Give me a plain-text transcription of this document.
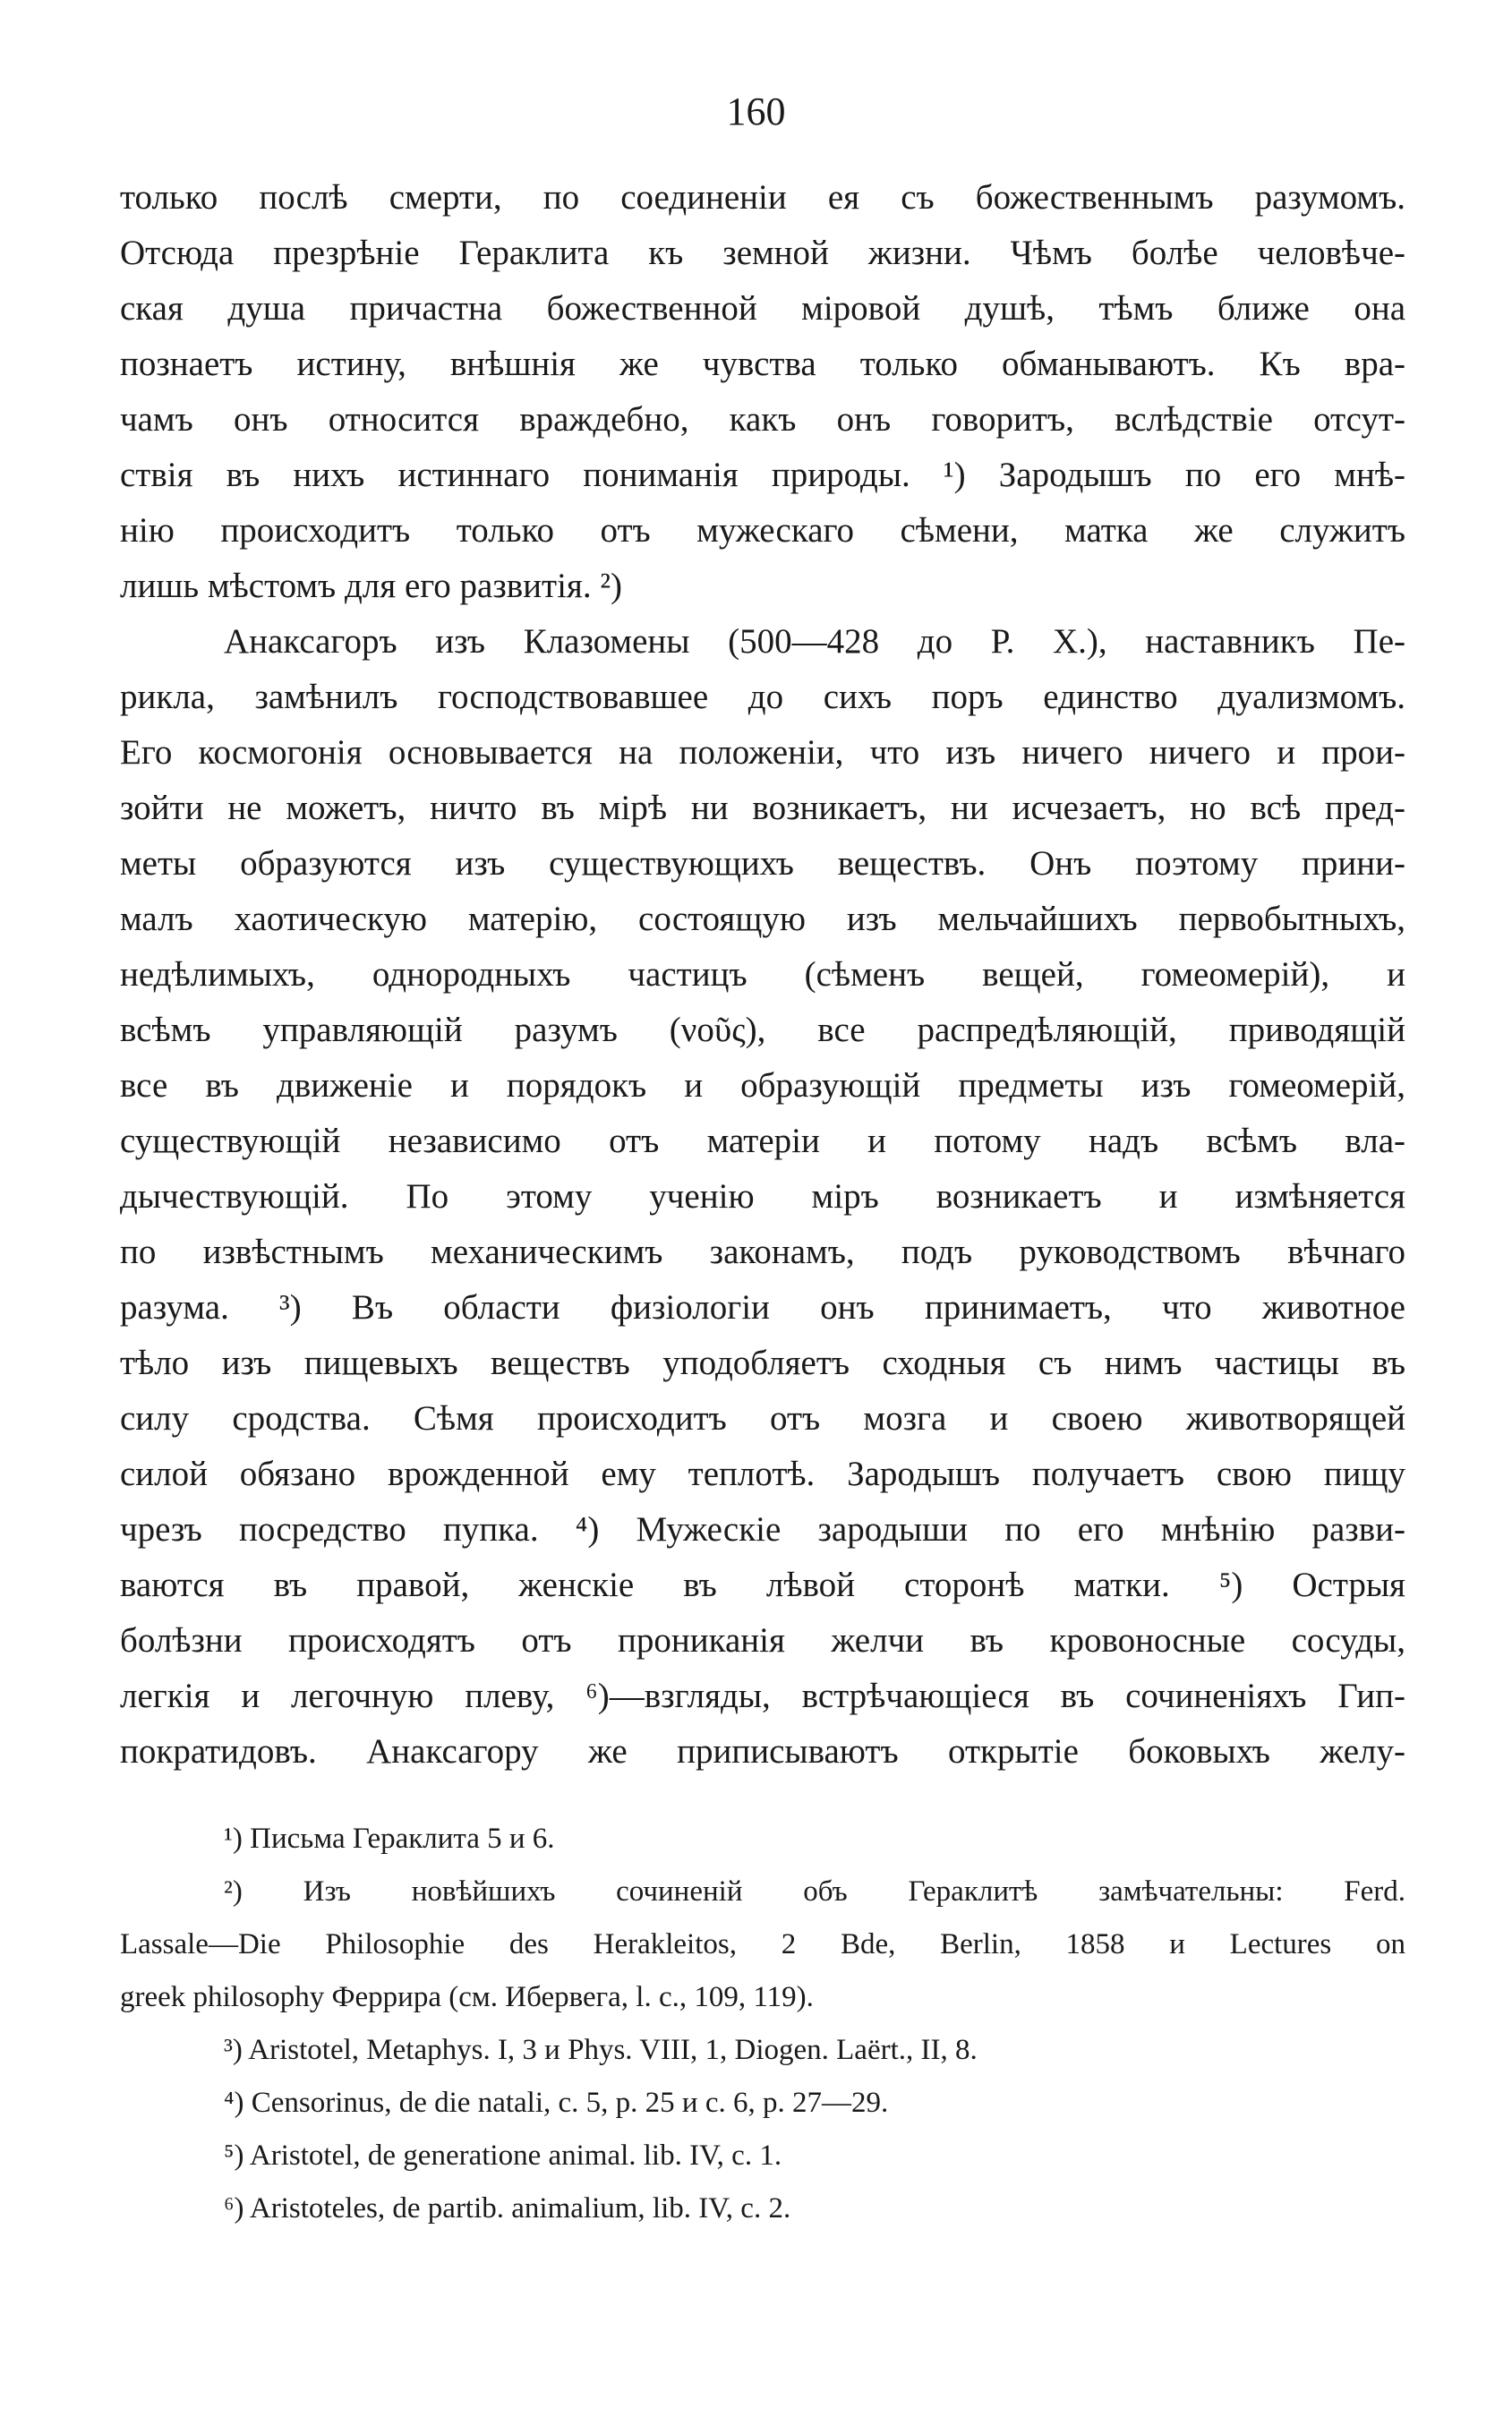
160
только послѣ смерти, по соединеніи ея съ божественнымъ разумомъ.
Отсюда презрѣніе Гераклита къ земной жизни. Чѣмъ болѣе человѣче-
ская душа причастна божественной міровой душѣ, тѣмъ ближе она
познаетъ истину, внѣшнія же чувства только обманываютъ. Къ вра-
чамъ онъ относится враждебно, какъ онъ говоритъ, вслѣдствіе отсут-
ствія въ нихъ истиннаго пониманія природы. ¹) Зародышъ по его мнѣ-
нію происходитъ только отъ мужескаго сѣмени, матка же служитъ
лишь мѣстомъ для его развитія. ²)
Анаксагоръ изъ Клазомены (500—428 до Р. Х.), наставникъ Пе-
рикла, замѣнилъ господствовавшее до сихъ поръ единство дуализмомъ.
Его космогонія основывается на положеніи, что изъ ничего ничего и прои-
зойти не можетъ, ничто въ мірѣ ни возникаетъ, ни исчезаетъ, но всѣ пред-
меты образуются изъ существующихъ веществъ. Онъ поэтому прини-
малъ хаотическую матерію, состоящую изъ мельчайшихъ первобытныхъ,
недѣлимыхъ, однородныхъ частицъ (сѣменъ вещей, гомеомерій), и
всѣмъ управляющій разумъ (νοῦς), все распредѣляющій, приводящій
все въ движеніе и порядокъ и образующій предметы изъ гомеомерій,
существующій независимо отъ матеріи и потому надъ всѣмъ вла-
дычествующій. По этому ученію міръ возникаетъ и измѣняется
по извѣстнымъ механическимъ законамъ, подъ руководствомъ вѣчнаго
разума. ³) Въ области физіологіи онъ принимаетъ, что животное
тѣло изъ пищевыхъ веществъ уподобляетъ сходныя съ нимъ частицы въ
силу сродства. Сѣмя происходитъ отъ мозга и своею животворящей
силой обязано врожденной ему теплотѣ. Зародышъ получаетъ свою пищу
чрезъ посредство пупка. ⁴) Мужескіе зародыши по его мнѣнію разви-
ваются въ правой, женскіе въ лѣвой сторонѣ матки. ⁵) Острыя
болѣзни происходятъ отъ прониканія желчи въ кровоносные сосуды,
легкія и легочную плеву, ⁶)—взгляды, встрѣчающіеся въ сочиненіяхъ Гип-
пократидовъ. Анаксагору же приписываютъ открытіе боковыхъ желу-
¹) Письма Гераклита 5 и 6.
²) Изъ новѣйшихъ сочиненій объ Гераклитѣ замѣчательны: Ferd.
Lassale—Die Philosophie des Herakleitos, 2 Bde, Berlin, 1858 и Lectures on
greek philosophy Феррира (см. Ибервега, l. c., 109, 119).
³) Aristotel, Metaphys. I, 3 и Phys. VIII, 1, Diogen. Laërt., II, 8.
⁴) Censorinus, de die natali, c. 5, p. 25 и c. 6, p. 27—29.
⁵) Aristotel, de generatione animal. lib. IV, c. 1.
⁶) Aristoteles, de partib. animalium, lib. IV, c. 2.
